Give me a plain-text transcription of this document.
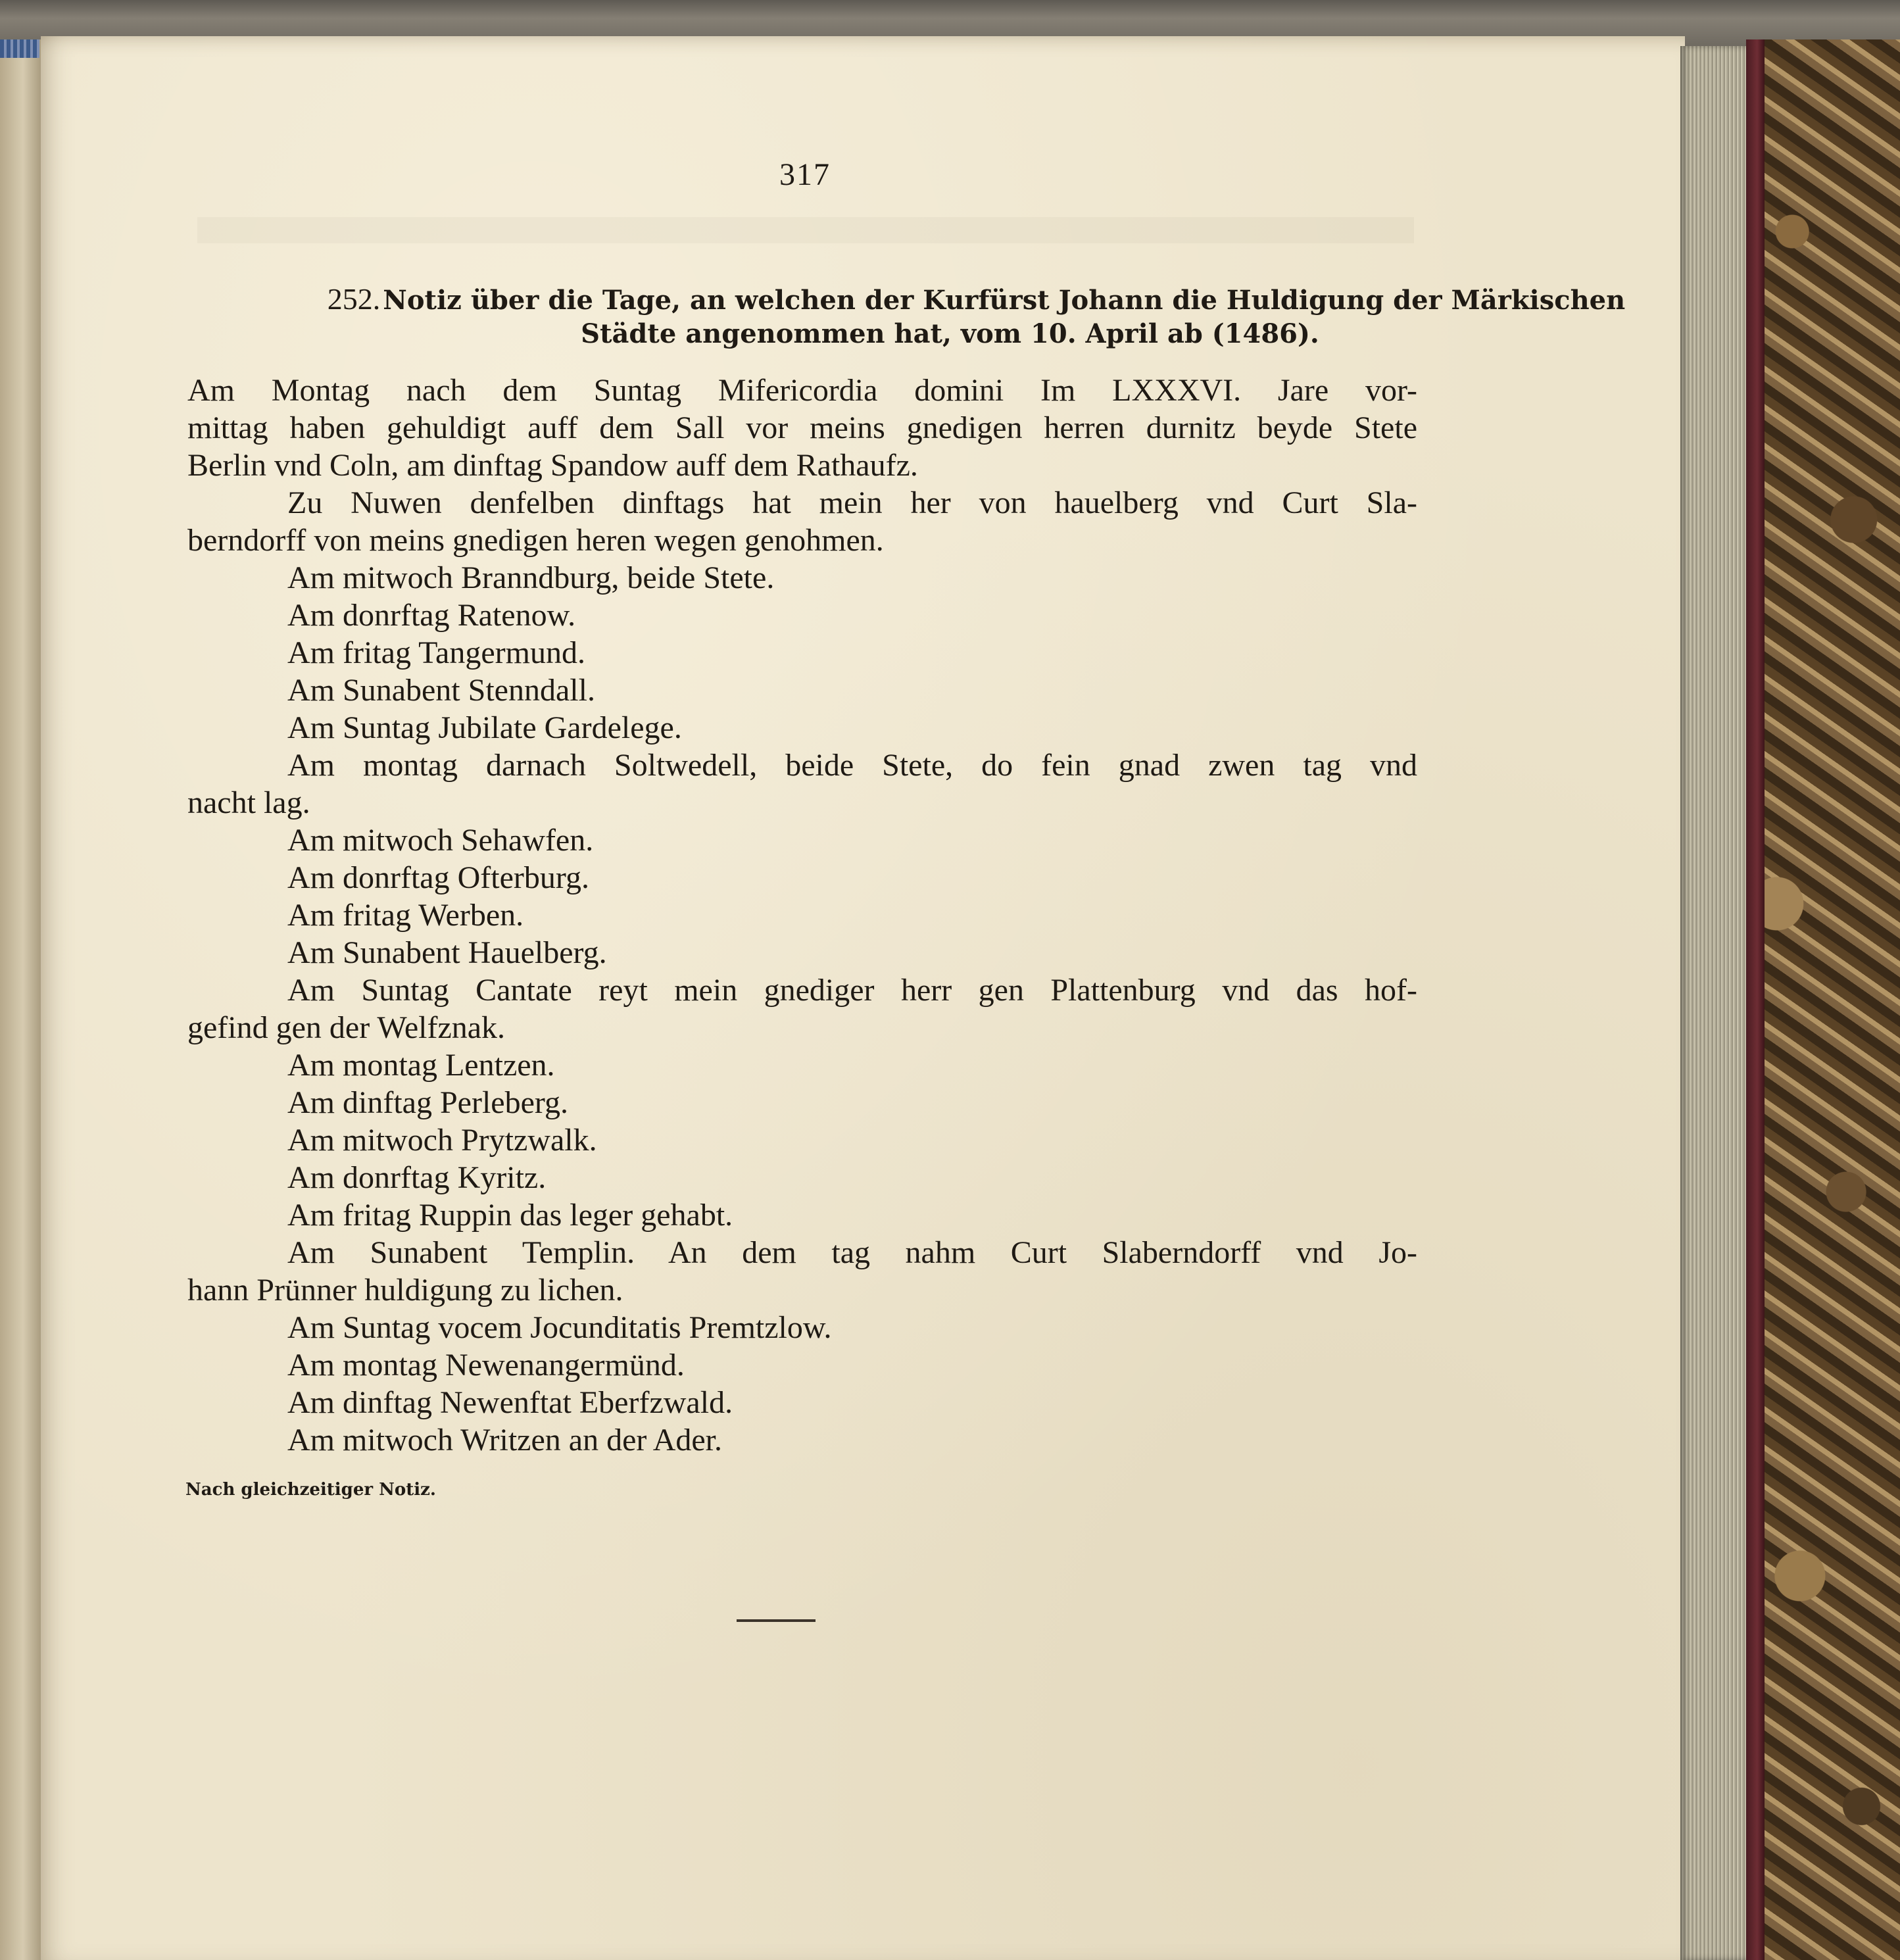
317
252. Notiz über die Tage, an welchen der Kurfürst Johann die Huldigung der Märkischen
Städte angenommen hat, vom 10. April ab (1486).
Am Montag nach dem Suntag Mifericordia domini Im LXXXVI. Jare vor-
mittag haben gehuldigt auff dem Sall vor meins gnedigen herren durnitz beyde Stete
Berlin vnd Coln, am dinftag Spandow auff dem Rathaufz.
Zu Nuwen denfelben dinftags hat mein her von hauelberg vnd Curt Sla-
berndorff von meins gnedigen heren wegen genohmen.
Am mitwoch Branndburg, beide Stete.
Am donrftag Ratenow.
Am fritag Tangermund.
Am Sunabent Stenndall.
Am Suntag Jubilate Gardelege.
Am montag darnach Soltwedell, beide Stete, do fein gnad zwen tag vnd
nacht lag.
Am mitwoch Sehawfen.
Am donrftag Ofterburg.
Am fritag Werben.
Am Sunabent Hauelberg.
Am Suntag Cantate reyt mein gnediger herr gen Plattenburg vnd das hof-
gefind gen der Welfznak.
Am montag Lentzen.
Am dinftag Perleberg.
Am mitwoch Prytzwalk.
Am donrftag Kyritz.
Am fritag Ruppin das leger gehabt.
Am Sunabent Templin. An dem tag nahm Curt Slaberndorff vnd Jo-
hann Prünner huldigung zu lichen.
Am Suntag vocem Jocunditatis Premtzlow.
Am montag Newenangermünd.
Am dinftag Newenftat Eberfzwald.
Am mitwoch Writzen an der Ader.
Nach gleichzeitiger Notiz.
